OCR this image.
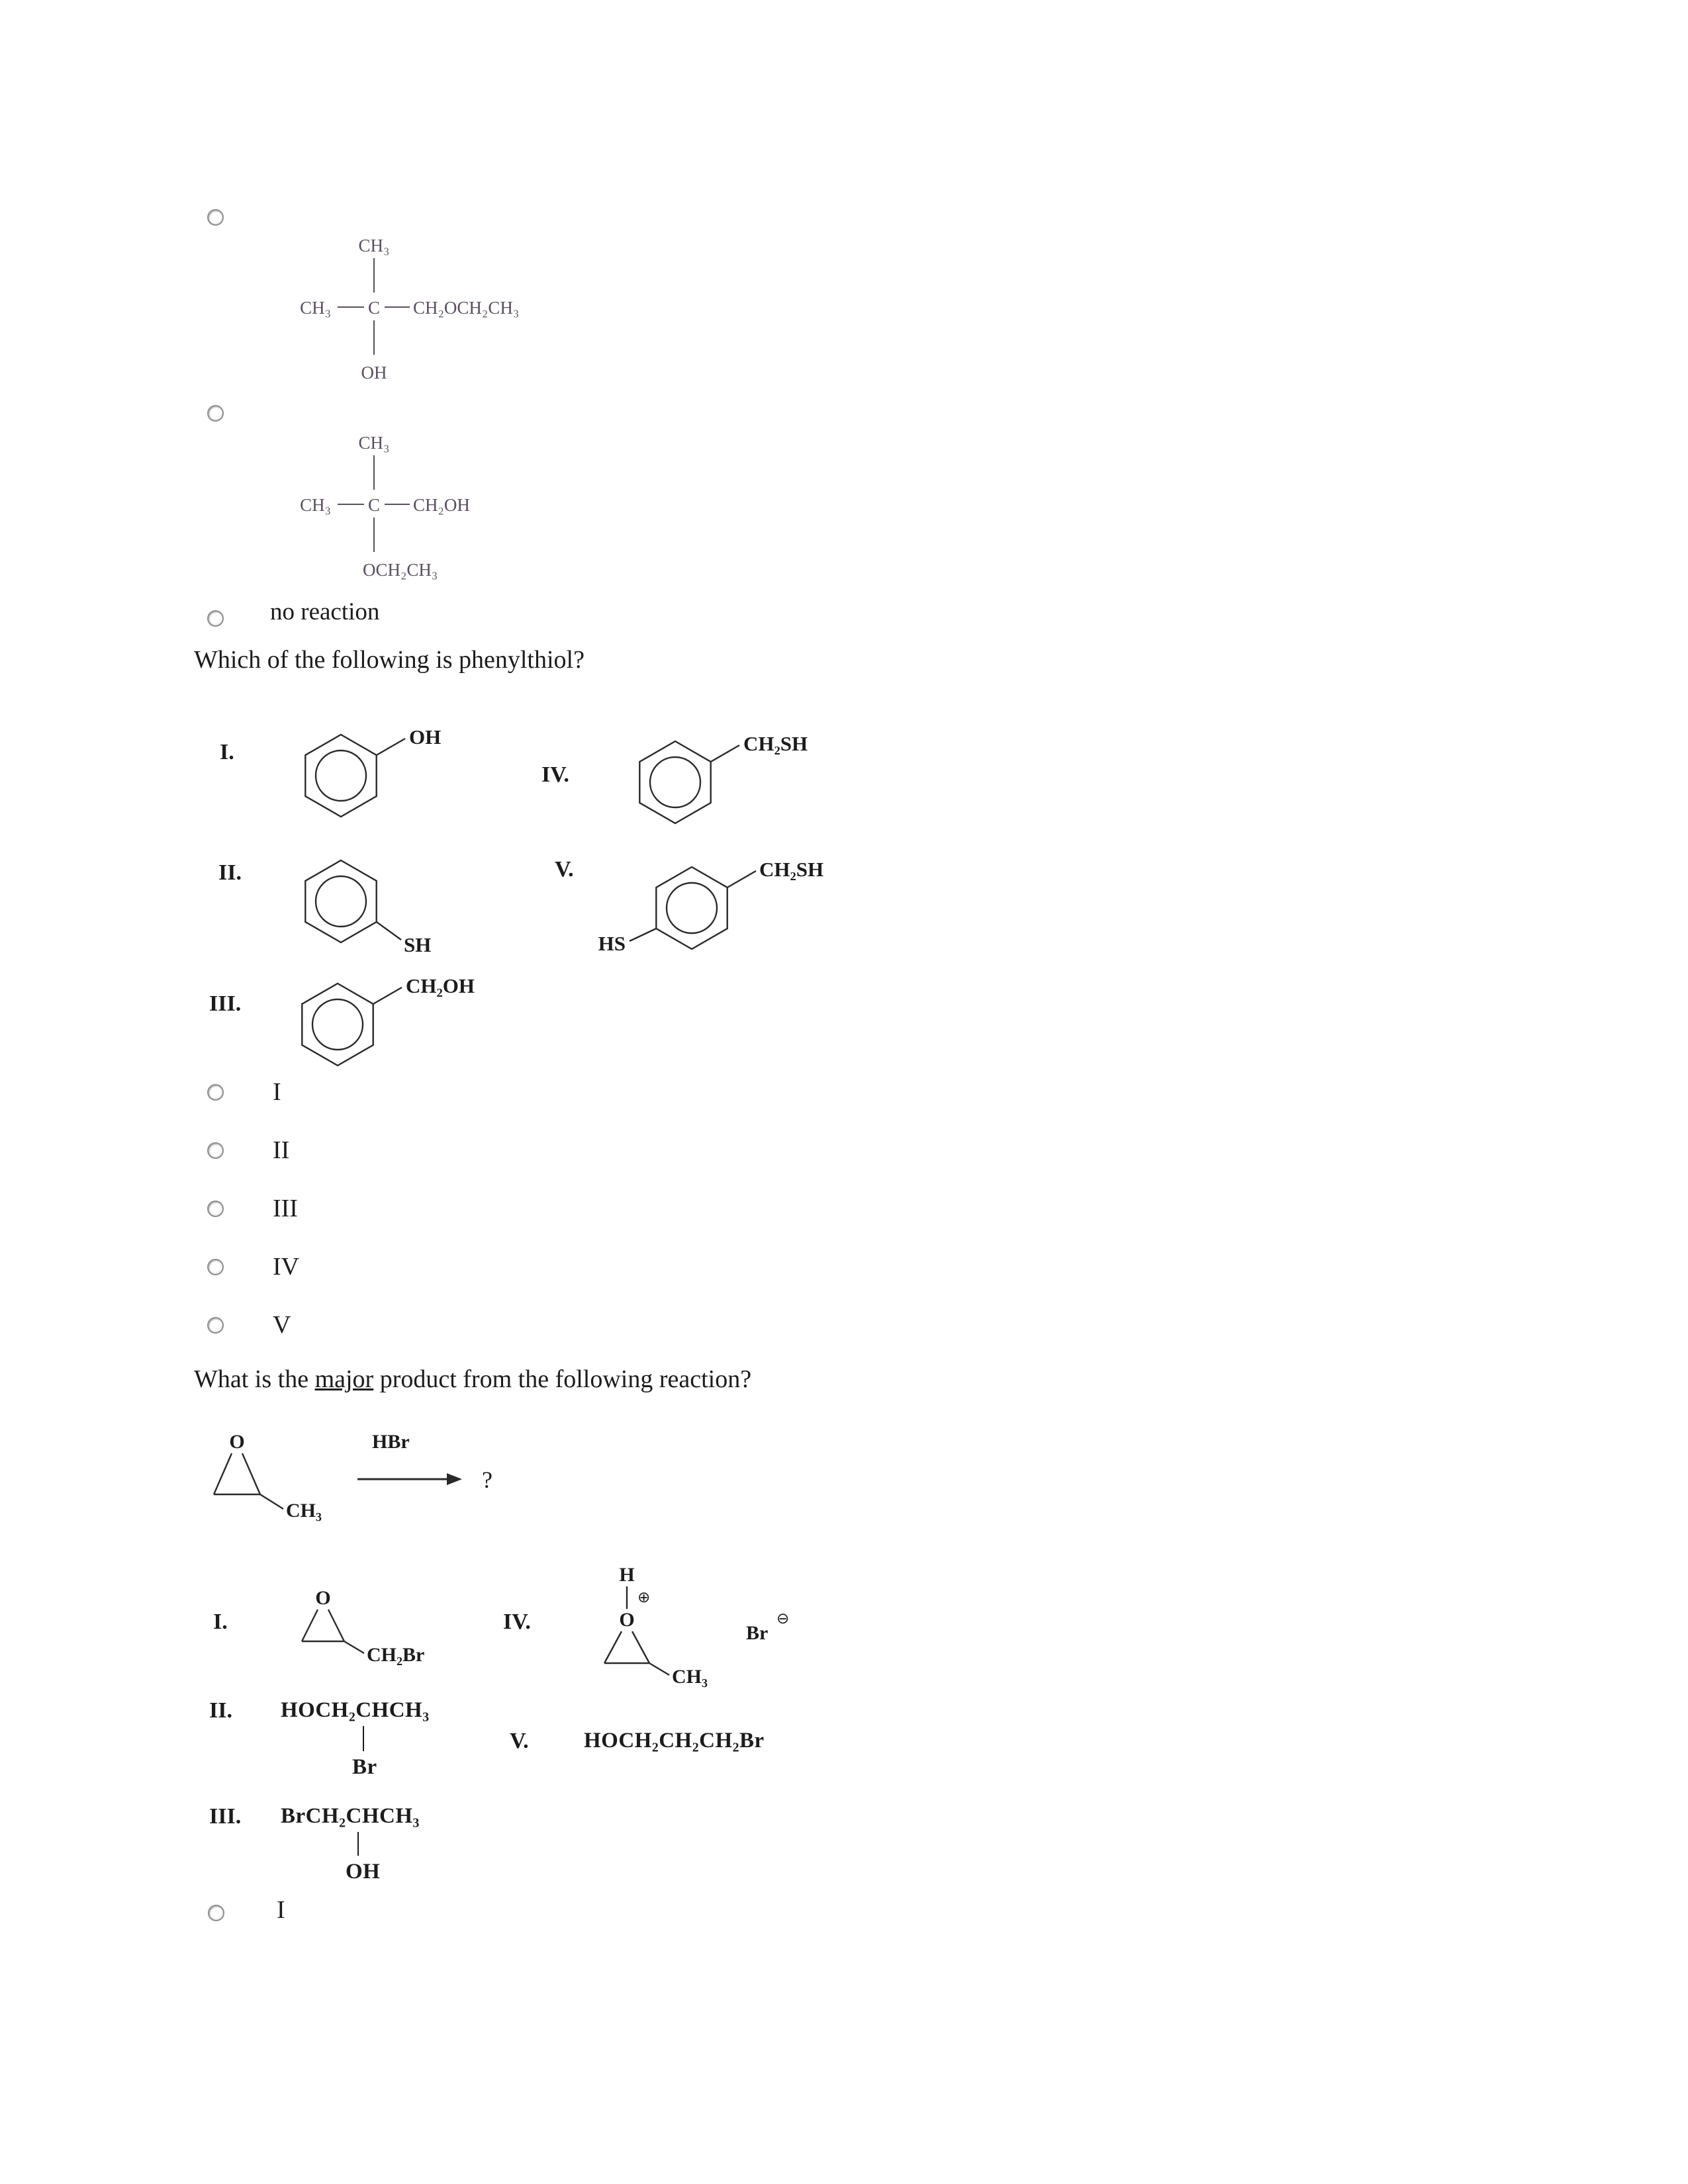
CH₃
CH₃ C CH₂OCH₂CH₃
OH
CH₃
CH₃ C CH₂OH
OCH₂CH₃
no reaction
Which of the following is phenylthiol?
I.
OH
IV.
CH₂SH
II.
SH
V.	CH₂SH
HS
III.
CH₂OH
I
II
III
IV
V
What is the major product from the following reaction?
O
CH₃
HBr
?
I.
O
CH₂Br
IV.
H
⊕
O
CH₃
Br
⊖
II. HOCH₂CHCH₃
Br
V.	HOCH₂CH₂CH₂Br
III. BrCH₂CHCH₃
OH
I
